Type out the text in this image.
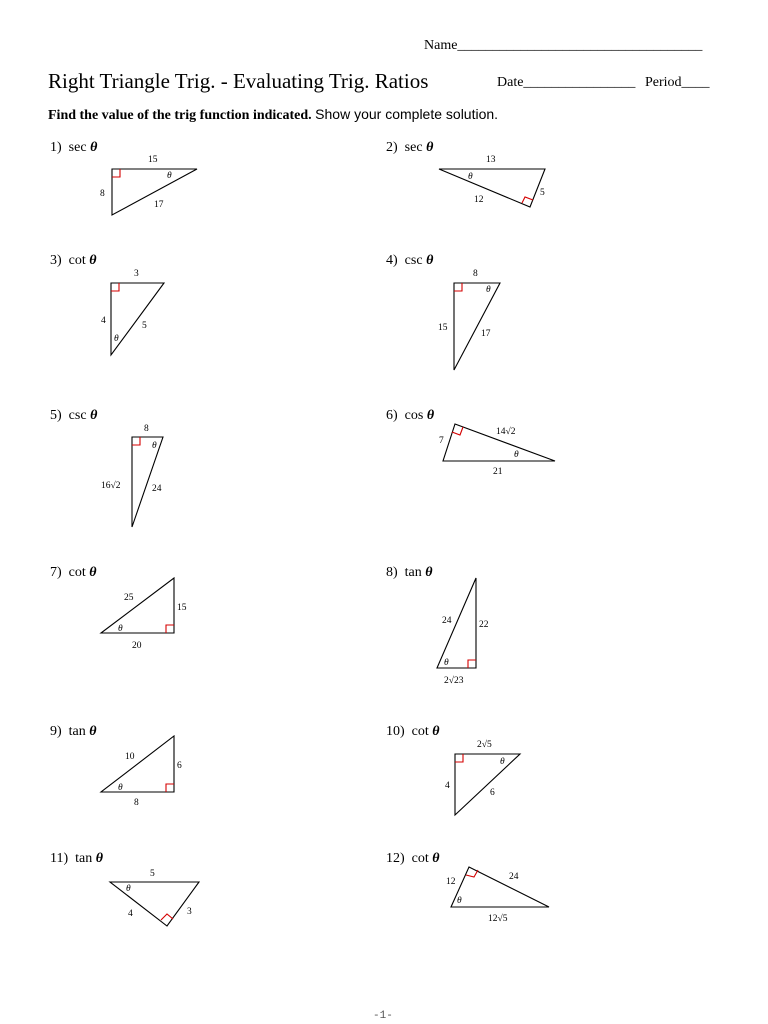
Name___________________________________
Right Triangle Trig. - Evaluating Trig. Ratios	Date________________ Period____
Find the value of the trig function indicated. Show your complete solution.
1) sec θ
15
8
17
θ
2) sec θ
13
12
5
θ
3) cot θ
3
4	5
θ
4) csc θ
8
15
17
θ
5) csc θ
8
16√2	24
θ
6) cos θ
14√2
7
21
θ
7) cot θ
25
15
20
θ
8) tan θ
24	22
2√23
θ
9) tan θ
10
6
8
θ
10) cot θ
2√5
4
6
θ
11) tan θ
5
4	3
θ
12) cot θ
12	24
12√5
θ
-1-
